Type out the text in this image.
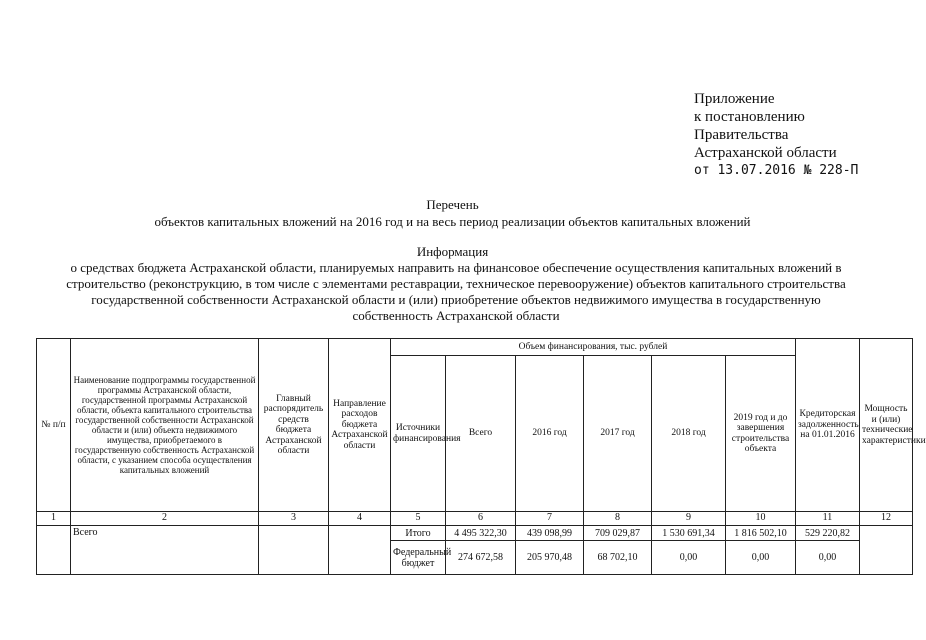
Приложение
к постановлению
Правительства
Астраханской области
от 13.07.2016 № 228-П
Перечень
объектов капитальных вложений на 2016 год и на весь период реализации объектов капитальных вложений
Информация
о средствах бюджета Астраханской области, планируемых направить на финансовое обеспечение осуществления капитальных вложений в строительство (реконструкцию, в том числе с элементами реставрации, техническое перевооружение) объектов капитального строительства государственной собственности Астраханской области и (или) приобретение объектов недвижимого имущества в государственную собственность Астраханской области
№ п/п	Наименование подпрограммы государственной программы Астраханской области, государственной программы Астраханской области, объекта капитального строительства государственной собственности Астраханской области и (или) объекта недвижимого имущества, приобретаемого в государственную собственность Астраханской области, с указанием способа осуществления капитальных вложений	Главный распорядитель средств бюджета Астраханской области	Направление расходов бюджета Астраханской области	Объем финансирования, тыс. рублей						Кредиторская задолженность на 01.01.2016	Мощность и (или) технические характеристики
				Источники финансирования	Всего	2016 год	2017 год	2018 год	2019 год и до завершения строительства объекта		
1	2	3	4	5	6	7	8	9	10	11	12
	Всего			Итого	4 495 322,30	439 098,99	709 029,87	1 530 691,34	1 816 502,10	529 220,82	
				Федеральный бюджет	274 672,58	205 970,48	68 702,10	0,00	0,00	0,00	
